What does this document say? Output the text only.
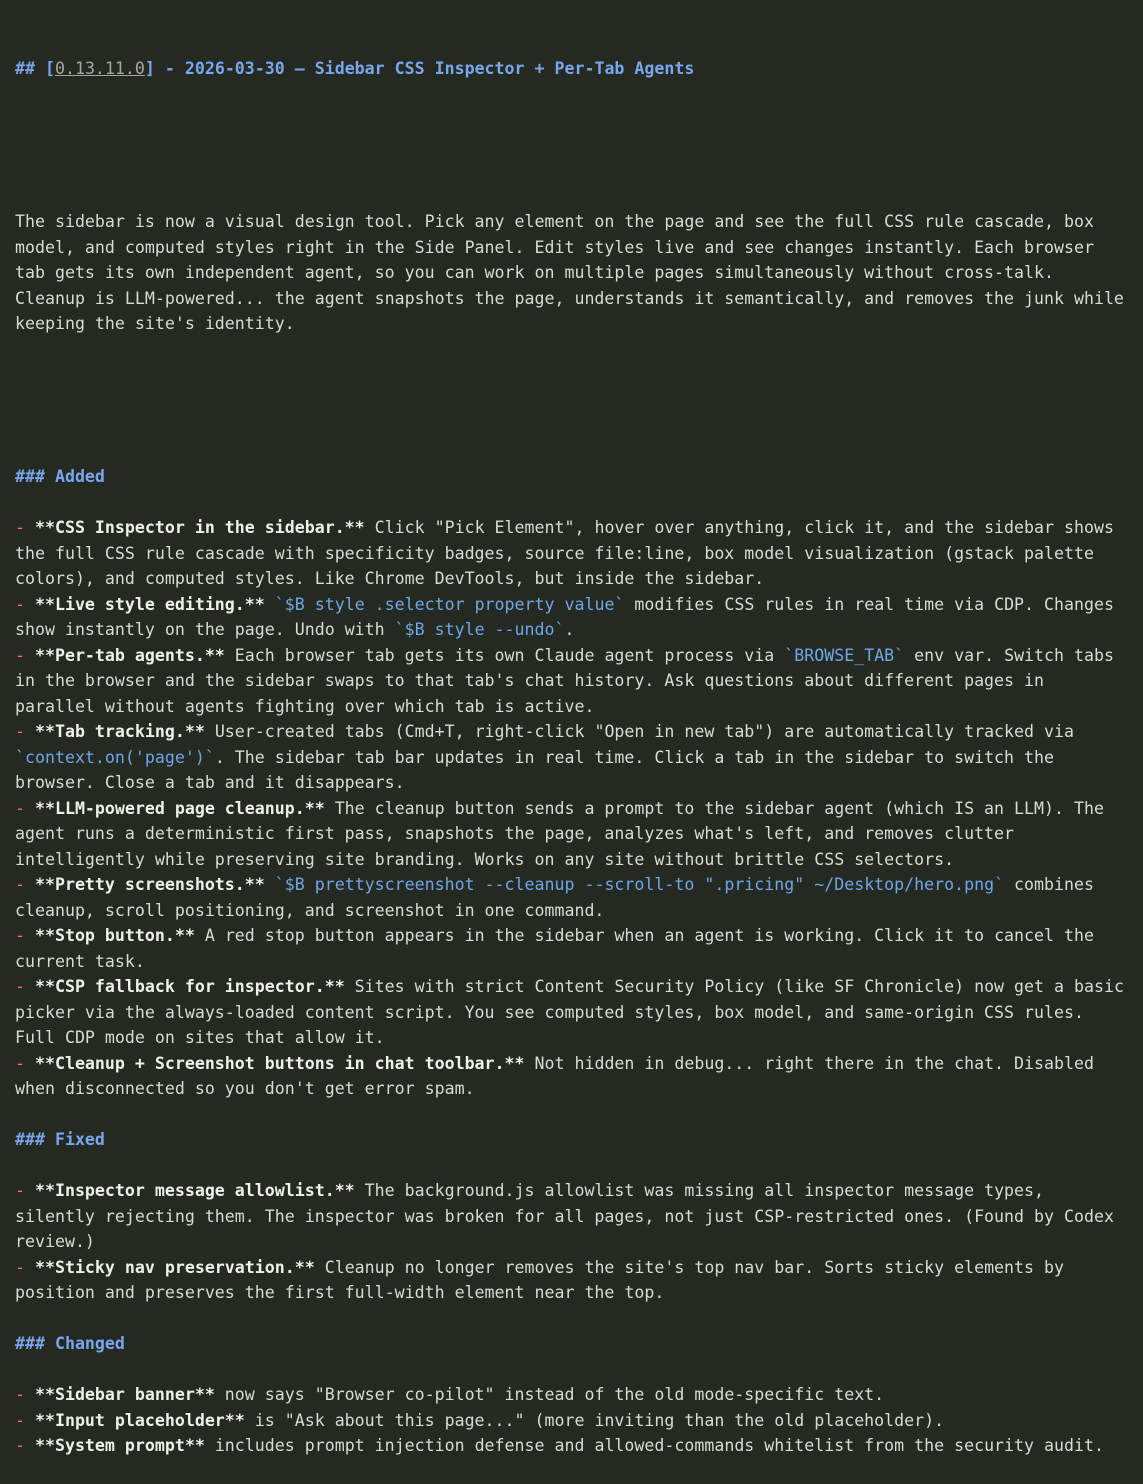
## [0.13.11.0] - 2026-03-30 — Sidebar CSS Inspector + Per-Tab Agents

The sidebar is now a visual design tool. Pick any element on the page and see the full CSS rule cascade, box model, and computed styles right in the Side Panel. Edit styles live and see changes instantly. Each browser tab gets its own independent agent, so you can work on multiple pages simultaneously without cross-talk. Cleanup is LLM-powered... the agent snapshots the page, understands it semantically, and removes the junk while keeping the site's identity.

### Added
- **CSS Inspector in the sidebar.** Click "Pick Element", hover over anything, click it, and the sidebar shows the full CSS rule cascade with specificity badges, source file:line, box model visualization (gstack palette colors), and computed styles. Like Chrome DevTools, but inside the sidebar.
- **Live style editing.** `$B style .selector property value` modifies CSS rules in real time via CDP. Changes show instantly on the page. Undo with `$B style --undo`.
- **Per-tab agents.** Each browser tab gets its own Claude agent process via `BROWSE_TAB` env var. Switch tabs in the browser and the sidebar swaps to that tab's chat history. Ask questions about different pages in parallel without agents fighting over which tab is active.
- **Tab tracking.** User-created tabs (Cmd+T, right-click "Open in new tab") are automatically tracked via `context.on('page')`. The sidebar tab bar updates in real time. Click a tab in the sidebar to switch the browser. Close a tab and it disappears.
- **LLM-powered page cleanup.** The cleanup button sends a prompt to the sidebar agent (which IS an LLM). The agent runs a deterministic first pass, snapshots the page, analyzes what's left, and removes clutter intelligently while preserving site branding. Works on any site without brittle CSS selectors.
- **Pretty screenshots.** `$B prettyscreenshot --cleanup --scroll-to ".pricing" ~/Desktop/hero.png` combines cleanup, scroll positioning, and screenshot in one command.
- **Stop button.** A red stop button appears in the sidebar when an agent is working. Click it to cancel the current task.
- **CSP fallback for inspector.** Sites with strict Content Security Policy (like SF Chronicle) now get a basic picker via the always-loaded content script. You see computed styles, box model, and same-origin CSS rules. Full CDP mode on sites that allow it.
- **Cleanup + Screenshot buttons in chat toolbar.** Not hidden in debug... right there in the chat. Disabled when disconnected so you don't get error spam.
### Fixed
- **Inspector message allowlist.** The background.js allowlist was missing all inspector message types, silently rejecting them. The inspector was broken for all pages, not just CSP-restricted ones. (Found by Codex review.)
- **Sticky nav preservation.** Cleanup no longer removes the site's top nav bar. Sorts sticky elements by position and preserves the first full-width element near the top.
### Changed
- **Sidebar banner** now says "Browser co-pilot" instead of the old mode-specific text.
- **Input placeholder** is "Ask about this page..." (more inviting than the old placeholder).
- **System prompt** includes prompt injection defense and allowed-commands whitelist from the security audit.
